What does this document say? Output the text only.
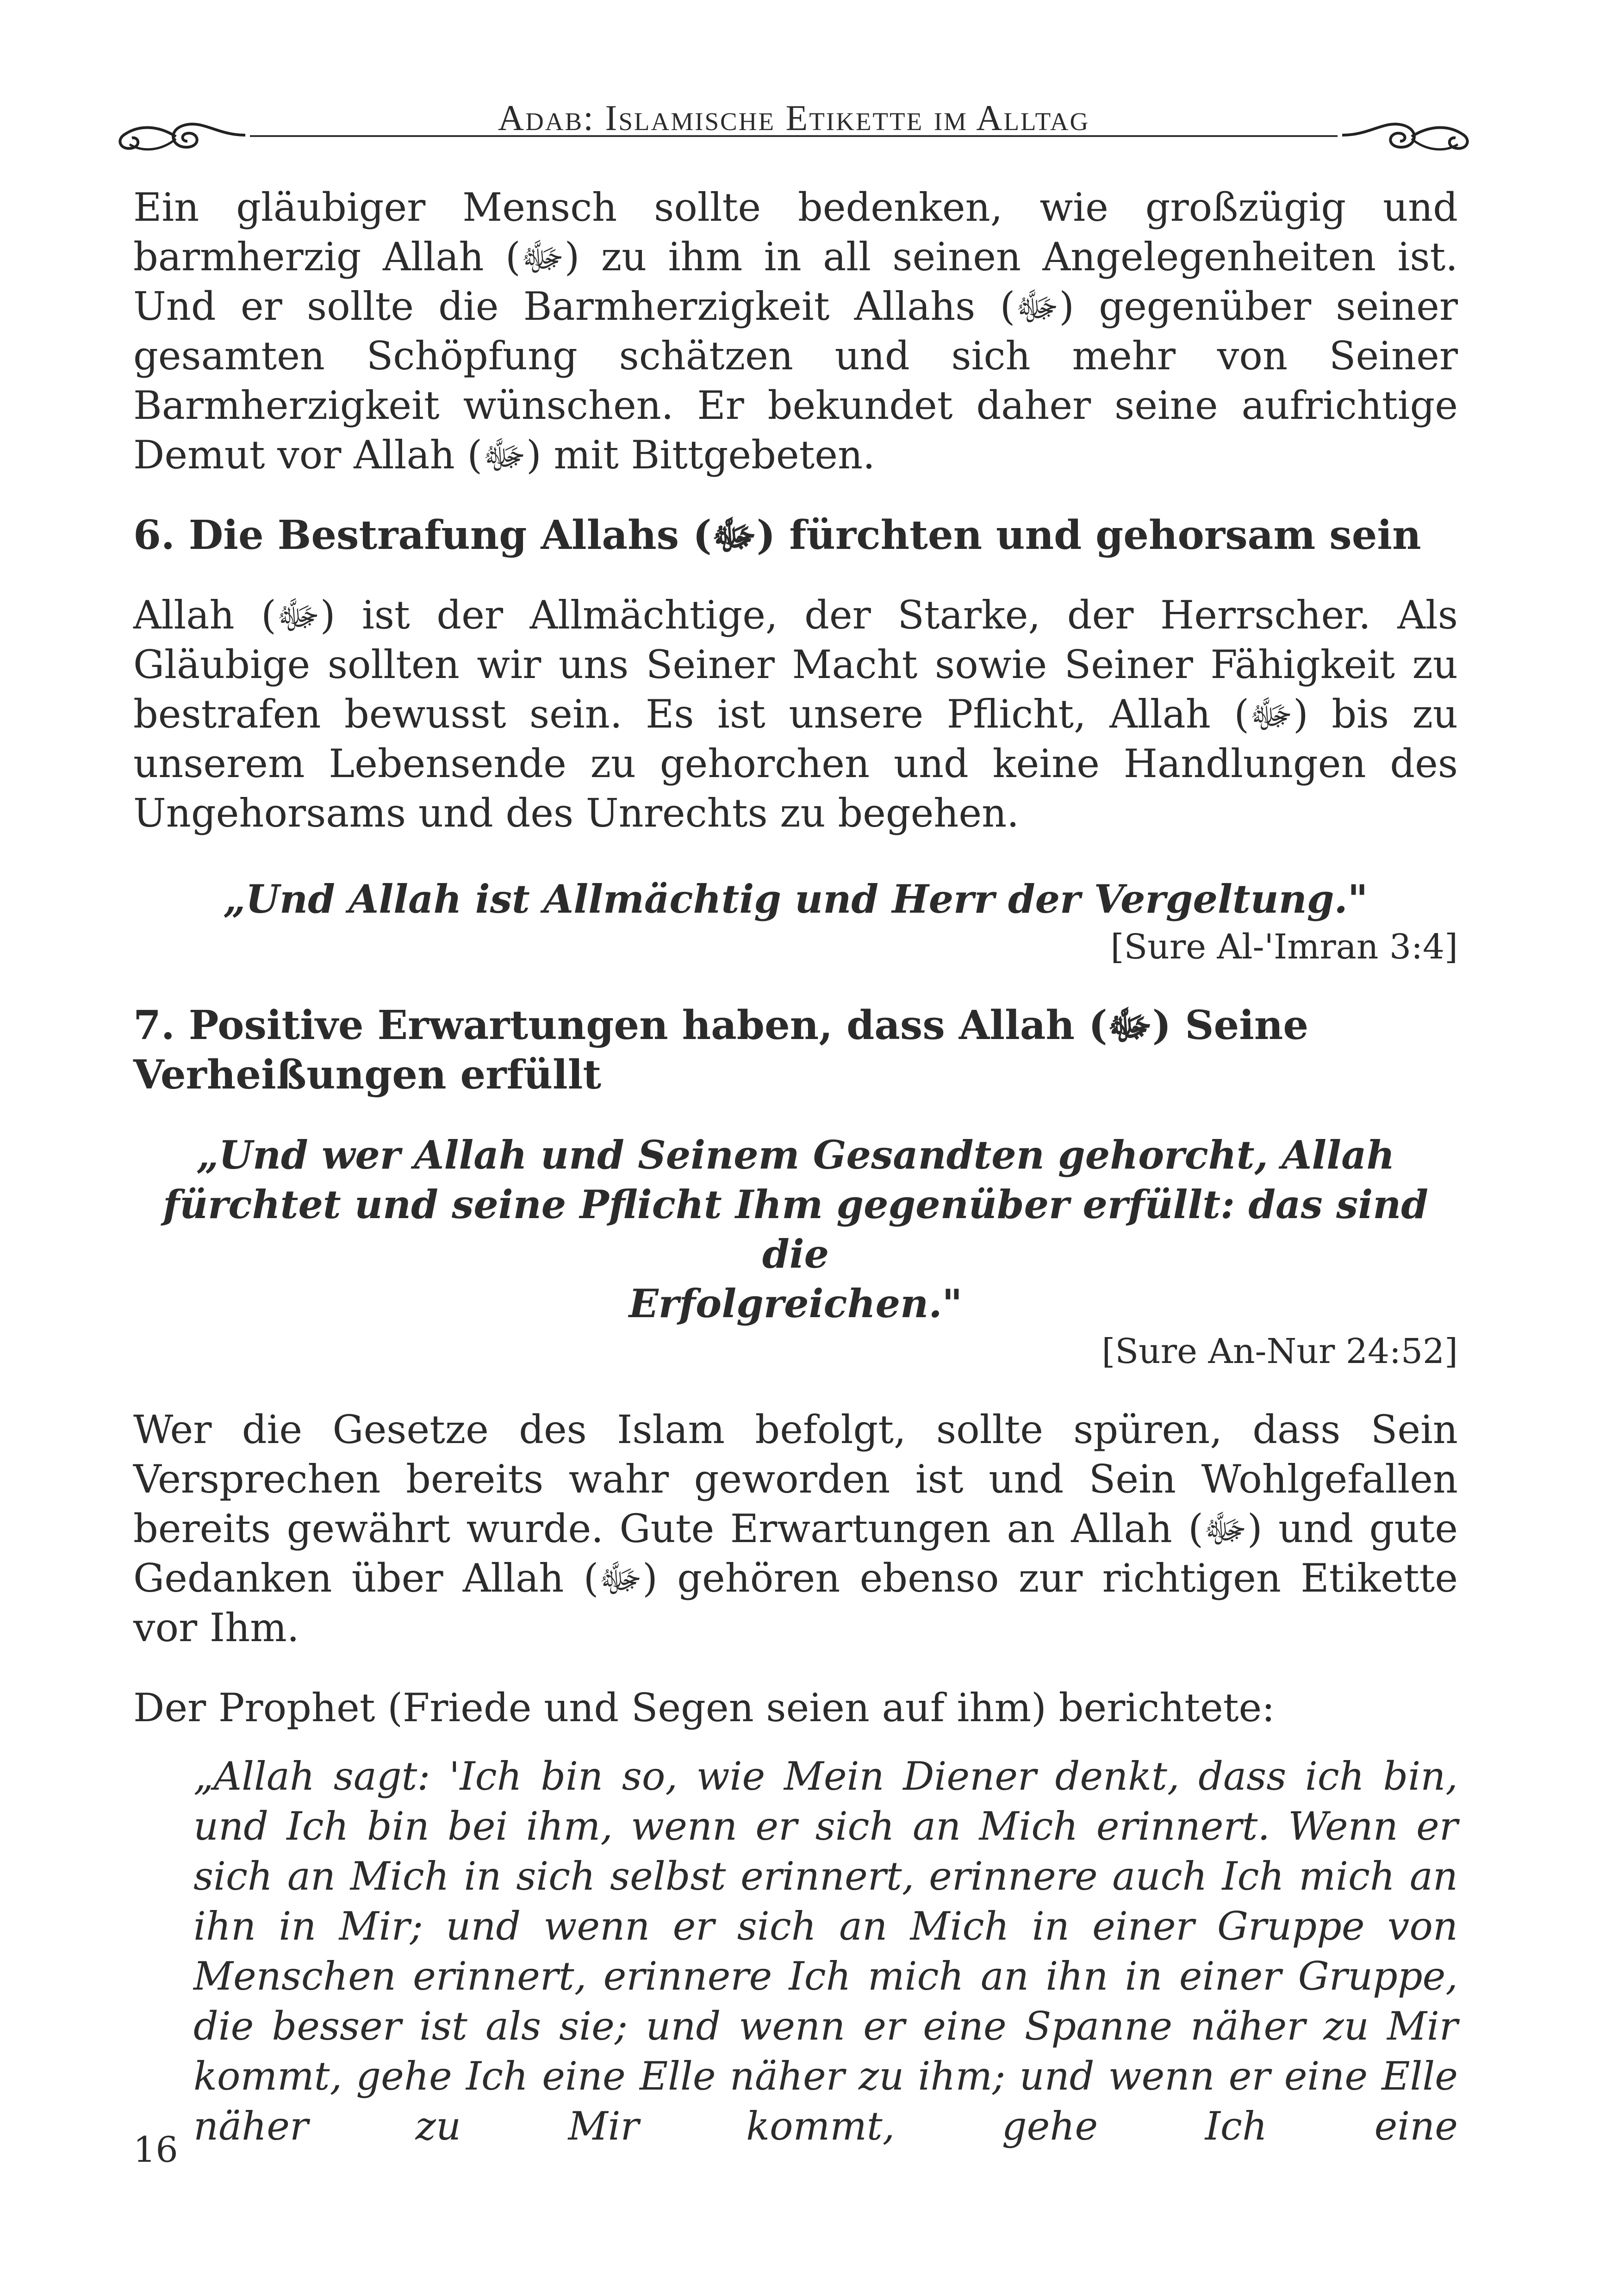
Adab: Islamische Etikette im Alltag

Ein gläubiger Mensch sollte bedenken, wie großzügig und barmherzig Allah (ﷻ) zu ihm in all seinen Angelegenheiten ist. Und er sollte die Barmherzigkeit Allahs (ﷻ) gegenüber seiner gesamten Schöpfung schätzen und sich mehr von Seiner Barmherzigkeit wünschen. Er bekundet daher seine aufrichtige Demut vor Allah (ﷻ) mit Bittgebeten.

6. Die Bestrafung Allahs (ﷻ) fürchten und gehorsam sein

Allah (ﷻ) ist der Allmächtige, der Starke, der Herrscher. Als Gläubige sollten wir uns Seiner Macht sowie Seiner Fähigkeit zu bestrafen bewusst sein. Es ist unsere Pflicht, Allah (ﷻ) bis zu unserem Lebensende zu gehorchen und keine Handlungen des Ungehorsams und des Unrechts zu begehen.

„Und Allah ist Allmächtig und Herr der Vergeltung."

[Sure Al-'Imran 3:4]

7. Positive Erwartungen haben, dass Allah (ﷻ) Seine
Verheißungen erfüllt

„Und wer Allah und Seinem Gesandten gehorcht, Allah

fürchtet und seine Pflicht Ihm gegenüber erfüllt: das sind die

Erfolgreichen."

[Sure An-Nur 24:52]

Wer die Gesetze des Islam befolgt, sollte spüren, dass Sein Versprechen bereits wahr geworden ist und Sein Wohlgefallen bereits gewährt wurde. Gute Erwartungen an Allah (ﷻ) und gute Gedanken über Allah (ﷻ) gehören ebenso zur richtigen Etikette vor Ihm.

Der Prophet (Friede und Segen seien auf ihm) berichtete:

„Allah sagt: 'Ich bin so, wie Mein Diener denkt, dass ich bin, und Ich bin bei ihm, wenn er sich an Mich erinnert. Wenn er sich an Mich in sich selbst erinnert, erinnere auch Ich mich an ihn in Mir; und wenn er sich an Mich in einer Gruppe von Menschen erinnert, erinnere Ich mich an ihn in einer Gruppe, die besser ist als sie; und wenn er eine Spanne näher zu Mir kommt, gehe Ich eine Elle näher zu ihm; und wenn er eine Elle näher zu Mir kommt, gehe Ich eine

16
